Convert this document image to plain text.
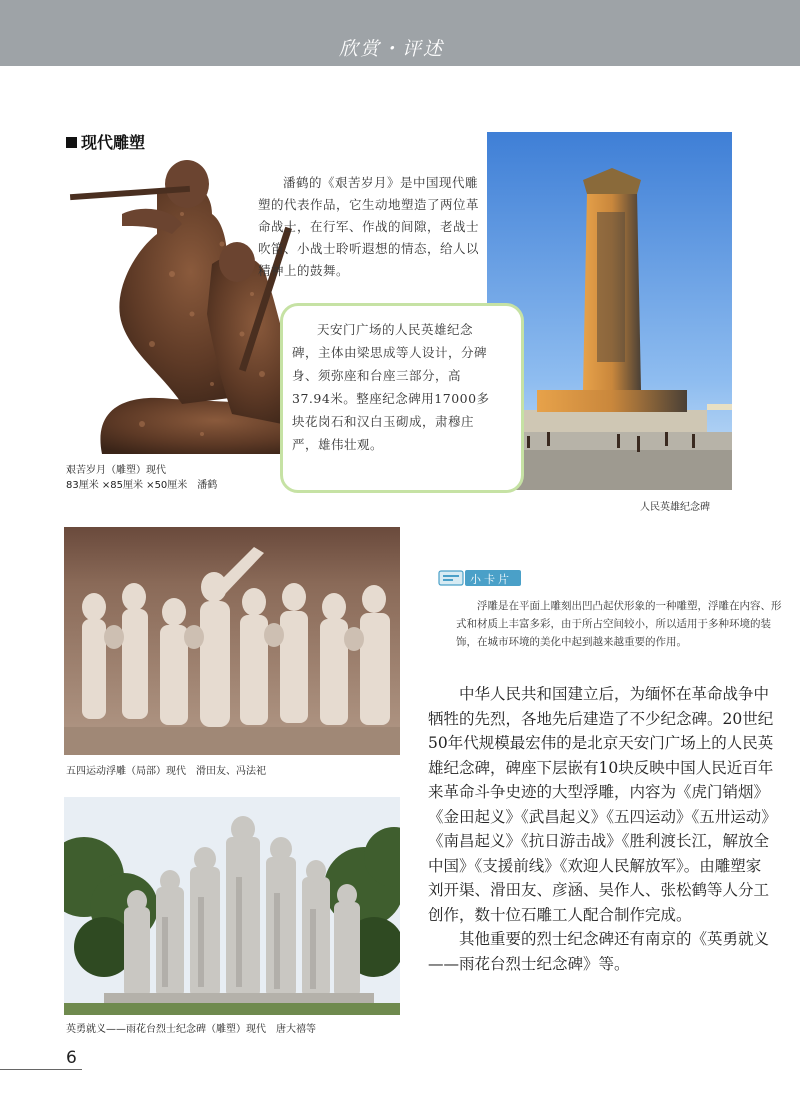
欣赏・评述
现代雕塑
潘鹤的《艰苦岁月》是中国现代雕塑的代表作品，它生动地塑造了两位革命战士，在行军、作战的间隙，老战士吹笛、小战士聆听遐想的情态，给人以精神上的鼓舞。
天安门广场的人民英雄纪念碑，主体由梁思成等人设计，分碑身、须弥座和台座三部分，高37.94米。整座纪念碑用17000多块花岗石和汉白玉砌成，肃穆庄严，雄伟壮观。
艰苦岁月（雕塑）现代
83厘米 ×85厘米 ×50厘米　潘鹤
人民英雄纪念碑
五四运动浮雕（局部）现代　滑田友、冯法祀
英勇就义——雨花台烈士纪念碑（雕塑）现代　唐大禧等
小卡片
浮雕是在平面上雕刻出凹凸起伏形象的一种雕塑，浮雕在内容、形式和材质上丰富多彩，由于所占空间较小，所以适用于多种环境的装饰，在城市环境的美化中起到越来越重要的作用。

中华人民共和国建立后，为缅怀在革命战争中牺牲的先烈，各地先后建造了不少纪念碑。20世纪50年代规模最宏伟的是北京天安门广场上的人民英雄纪念碑，碑座下层嵌有10块反映中国人民近百年来革命斗争史迹的大型浮雕，内容为《虎门销烟》《金田起义》《武昌起义》《五四运动》《五卅运动》《南昌起义》《抗日游击战》《胜利渡长江，解放全中国》《支援前线》《欢迎人民解放军》。由雕塑家刘开渠、滑田友、彦涵、吴作人、张松鹤等人分工创作，数十位石雕工人配合制作完成。

其他重要的烈士纪念碑还有南京的《英勇就义——雨花台烈士纪念碑》等。

6
